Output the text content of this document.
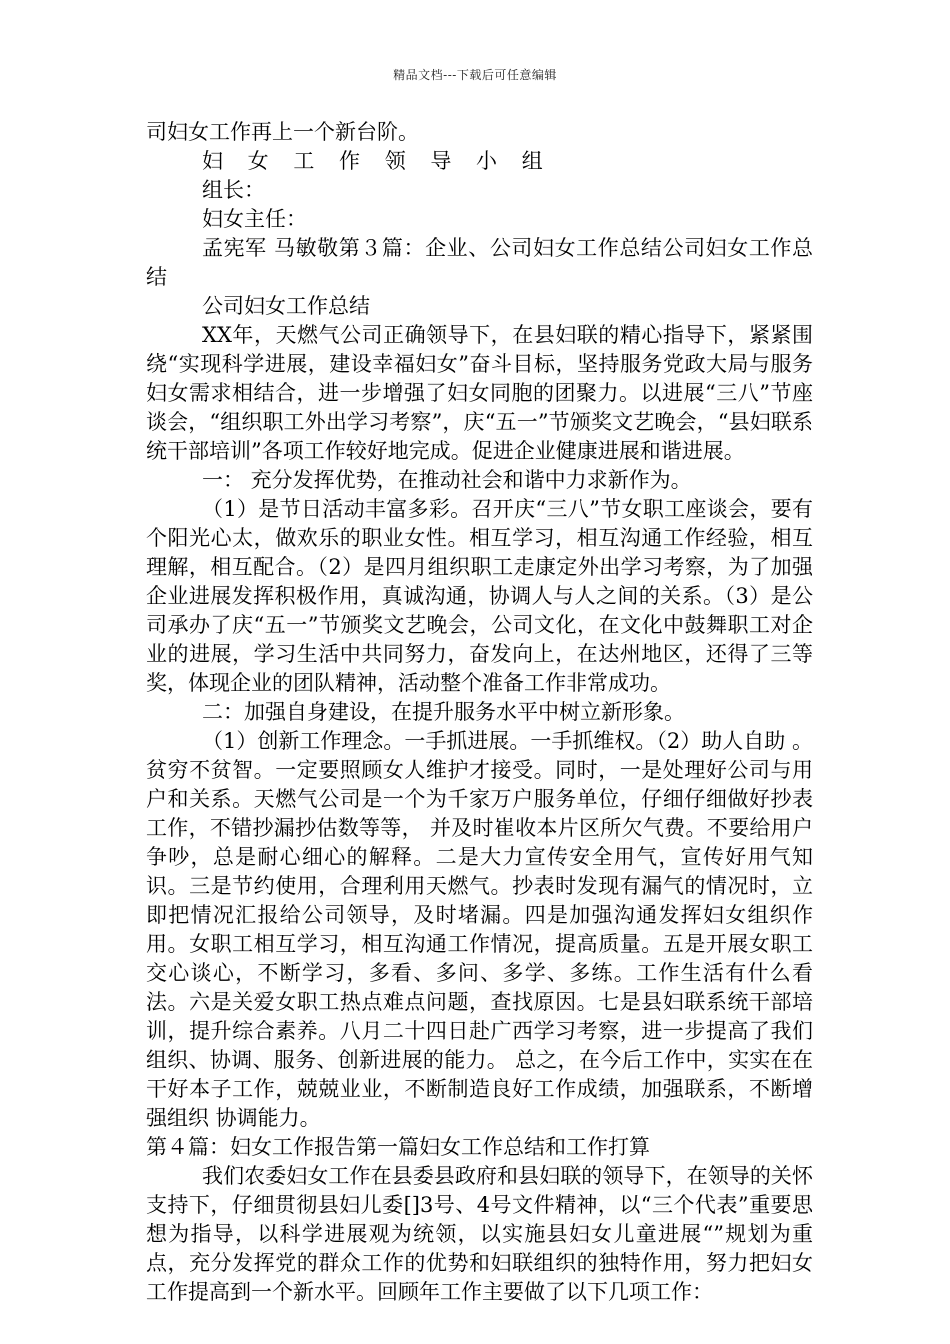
精品文档---下载后可任意编辑

司妇女工作再上一个新台阶。

妇 女 工 作 领 导 小 组

组长：

妇女主任：

孟宪军 马敏敬第３篇：企业、公司妇女工作总结公司妇女工作总结

公司妇女工作总结

XX年，天燃气公司正确领导下，在县妇联的精心指导下，紧紧围绕“实现科学进展，建设幸福妇女”奋斗目标，坚持服务党政大局与服务妇女需求相结合，进一步增强了妇女同胞的团聚力。以进展“三八”节座谈会，“组织职工外出学习考察”，庆“五一”节颁奖文艺晚会，“县妇联系统干部培训”各项工作较好地完成。促进企业健康进展和谐进展。

一： 充分发挥优势，在推动社会和谐中力求新作为。

（1）是节日活动丰富多彩。召开庆“三八”节女职工座谈会，要有个阳光心太，做欢乐的职业女性。相互学习，相互沟通工作经验，相互理解，相互配合。（2）是四月组织职工走康定外出学习考察，为了加强企业进展发挥积极作用，真诚沟通，协调人与人之间的关系。（3）是公司承办了庆“五一”节颁奖文艺晚会，公司文化，在文化中鼓舞职工对企业的进展，学习生活中共同努力，奋发向上，在达州地区，还得了三等奖，体现企业的团队精神，活动整个准备工作非常成功。

二：加强自身建设，在提升服务水平中树立新形象。

（1）创新工作理念。一手抓进展。一手抓维权。（2）助人自助 。贫穷不贫智。一定要照顾女人维护才接受。同时，一是处理好公司与用户和关系。天燃气公司是一个为千家万户服务单位，仔细仔细做好抄表工作，不错抄漏抄估数等等， 并及时崔收本片区所欠气费。不要给用户争吵，总是耐心细心的解释。二是大力宣传安全用气，宣传好用气知识。三是节约使用，合理利用天燃气。抄表时发现有漏气的情况时，立即把情况汇报给公司领导，及时堵漏。四是加强沟通发挥妇女组织作用。女职工相互学习，相互沟通工作情况，提高质量。五是开展女职工交心谈心，不断学习，多看、多问、多学、多练。工作生活有什么看法。六是关爱女职工热点难点问题，查找原因。七是县妇联系统干部培训，提升综合素养。八月二十四日赴广西学习考察，进一步提高了我们组织、协调、服务、创新进展的能力。 总之，在今后工作中，实实在在干好本子工作，兢兢业业，不断制造良好工作成绩，加强联系，不断增强组织 协调能力。

第４篇：妇女工作报告第一篇妇女工作总结和工作打算

我们农委妇女工作在县委县政府和县妇联的领导下，在领导的关怀支持下，仔细贯彻县妇儿委[]3号、4号文件精神，以“三个代表”重要思想为指导，以科学进展观为统领，以实施县妇女儿童进展“”规划为重点，充分发挥党的群众工作的优势和妇联组织的独特作用，努力把妇女工作提高到一个新水平。回顾年工作主要做了以下几项工作：
